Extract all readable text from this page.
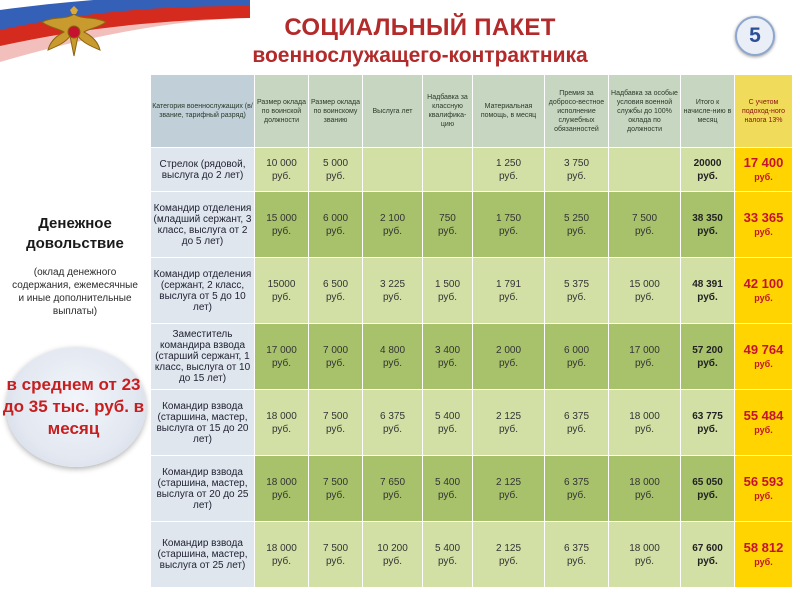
СОЦИАЛЬНЫЙ ПАКЕТ
военнослужащего-контрактника
5
Денежное довольствие
(оклад денежного содержания, ежемесячные и иные дополнительные выплаты)
в среднем от 23 до 35 тыс. руб. в месяц
Категория военнослужащих (в/звание, тарифный разряд)	Размер оклада по воинской должности	Размер оклада по воинскому званию	Выслуга лет	Надбавка за классную квалифика-цию	Материальная помощь, в месяц	Премия за доброcо-вестное исполнение служебных обязанностей	Надбавка за особые условия военной службы до 100% оклада по должности	Итого к начисле-нию в месяц	С учетом подоход-ного налога 13%
Стрелок (рядовой, выслуга до 2 лет)	10 000
руб.	5 000
руб.			1 250
руб.	3 750
руб.		20000
руб.	17 400
руб.

Командир отделения (младший сержант, 3 класс, выслуга от 2 до 5 лет)	15 000
руб.	6 000
руб.	2 100
руб.	750
руб.	1 750
руб.	5 250
руб.	7 500
руб.	38 350
руб.	33 365
руб.

Командир отделения (сержант, 2 класс, выслуга от 5 до 10 лет)	15000
руб.	6 500
руб.	3 225
руб.	1 500
руб.	1 791
руб.	5 375
руб.	15 000
руб.	48 391
руб.	42 100
руб.

Заместитель командира взвода (старший сержант, 1 класс, выслуга от 10 до 15 лет)	17 000
руб.	7 000
руб.	4 800
руб.	3 400
руб.	2 000
руб.	6 000
руб.	17 000
руб.	57 200
руб.	49 764
руб.

Командир взвода (старшина, мастер, выслуга от 15 до 20 лет)	18 000
руб.	7 500
руб.	6 375
руб.	5 400
руб.	2 125
руб.	6 375
руб.	18 000
руб.	63 775
руб.	55 484
руб.

Командир взвода (старшина, мастер, выслуга от 20 до 25 лет)	18 000
руб.	7 500
руб.	7 650
руб.	5 400
руб.	2 125
руб.	6 375
руб.	18 000
руб.	65 050
руб.	56 593
руб.

Командир взвода (старшина, мастер, выслуга от 25 лет)	18 000
руб.	7 500
руб.	10 200
руб.	5 400
руб.	2 125
руб.	6 375
руб.	18 000
руб.	67 600
руб.	58 812
руб.
